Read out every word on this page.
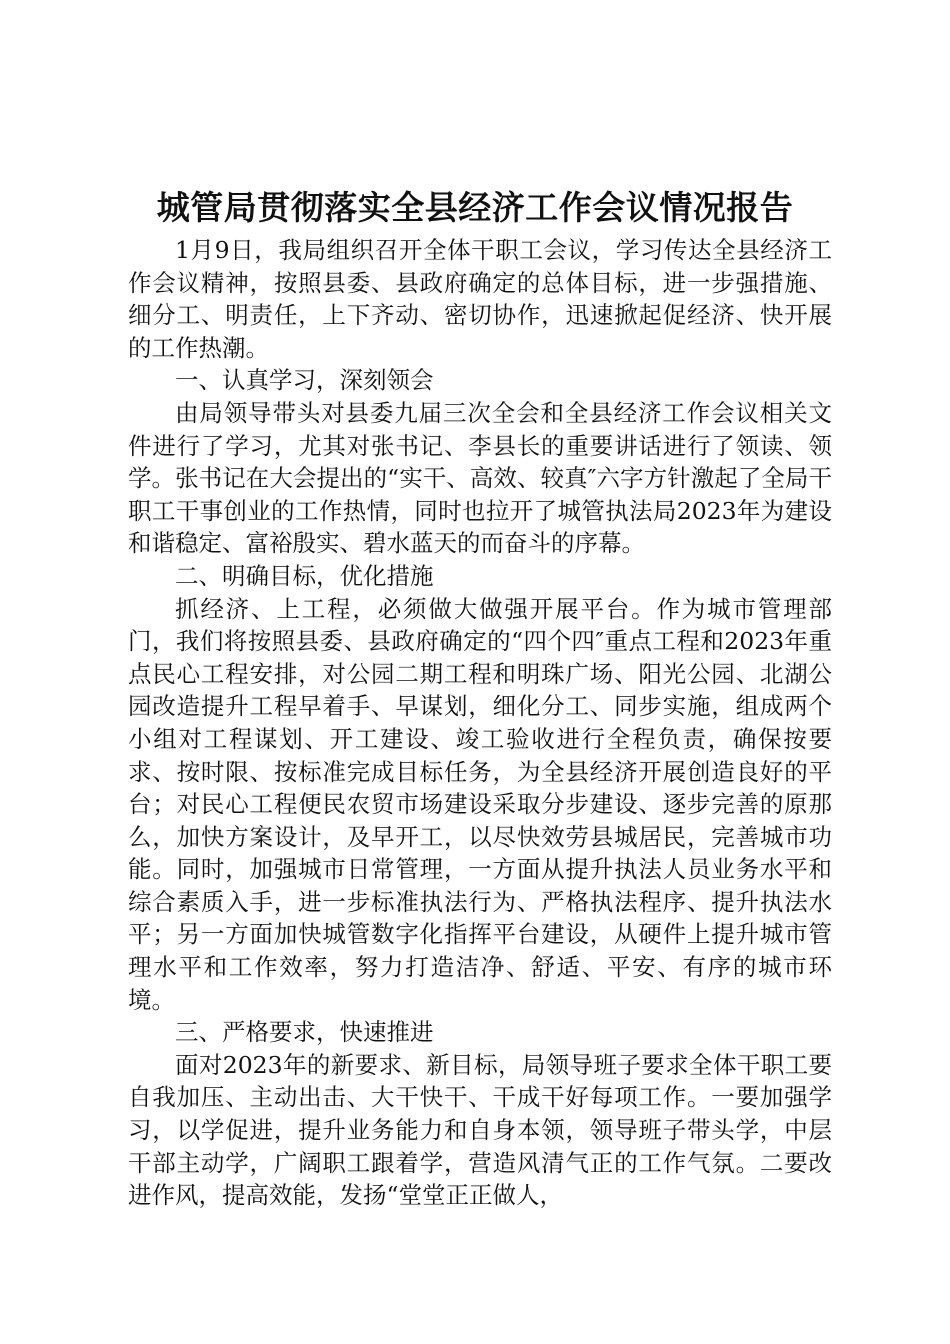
城管局贯彻落实全县经济工作会议情况报告

1月9日，我局组织召开全体干职工会议，学习传达全县经济工作会议精神，按照县委、县政府确定的总体目标，进一步强措施、细分工、明责任，上下齐动、密切协作，迅速掀起促经济、快开展的工作热潮。

一、认真学习，深刻领会

由局领导带头对县委九届三次全会和全县经济工作会议相关文件进行了学习，尤其对张书记、李县长的重要讲话进行了领读、领学。张书记在大会提出的“实干、高效、较真″六字方针激起了全局干职工干事创业的工作热情，同时也拉开了城管执法局2023年为建设和谐稳定、富裕殷实、碧水蓝天的而奋斗的序幕。

二、明确目标，优化措施

抓经济、上工程，必须做大做强开展平台。作为城市管理部门，我们将按照县委、县政府确定的“四个四″重点工程和2023年重点民心工程安排，对公园二期工程和明珠广场、阳光公园、北湖公园改造提升工程早着手、早谋划，细化分工、同步实施，组成两个小组对工程谋划、开工建设、竣工验收进行全程负责，确保按要求、按时限、按标准完成目标任务，为全县经济开展创造良好的平台；对民心工程便民农贸市场建设采取分步建设、逐步完善的原那么，加快方案设计，及早开工，以尽快效劳县城居民，完善城市功能。同时，加强城市日常管理，一方面从提升执法人员业务水平和综合素质入手，进一步标准执法行为、严格执法程序、提升执法水平；另一方面加快城管数字化指挥平台建设，从硬件上提升城市管理水平和工作效率，努力打造洁净、舒适、平安、有序的城市环境。

三、严格要求，快速推进

面对2023年的新要求、新目标，局领导班子要求全体干职工要自我加压、主动出击、大干快干、干成干好每项工作。一要加强学习，以学促进，提升业务能力和自身本领，领导班子带头学，中层干部主动学，广阔职工跟着学，营造风清气正的工作气氛。二要改进作风，提高效能，发扬“堂堂正正做人，
